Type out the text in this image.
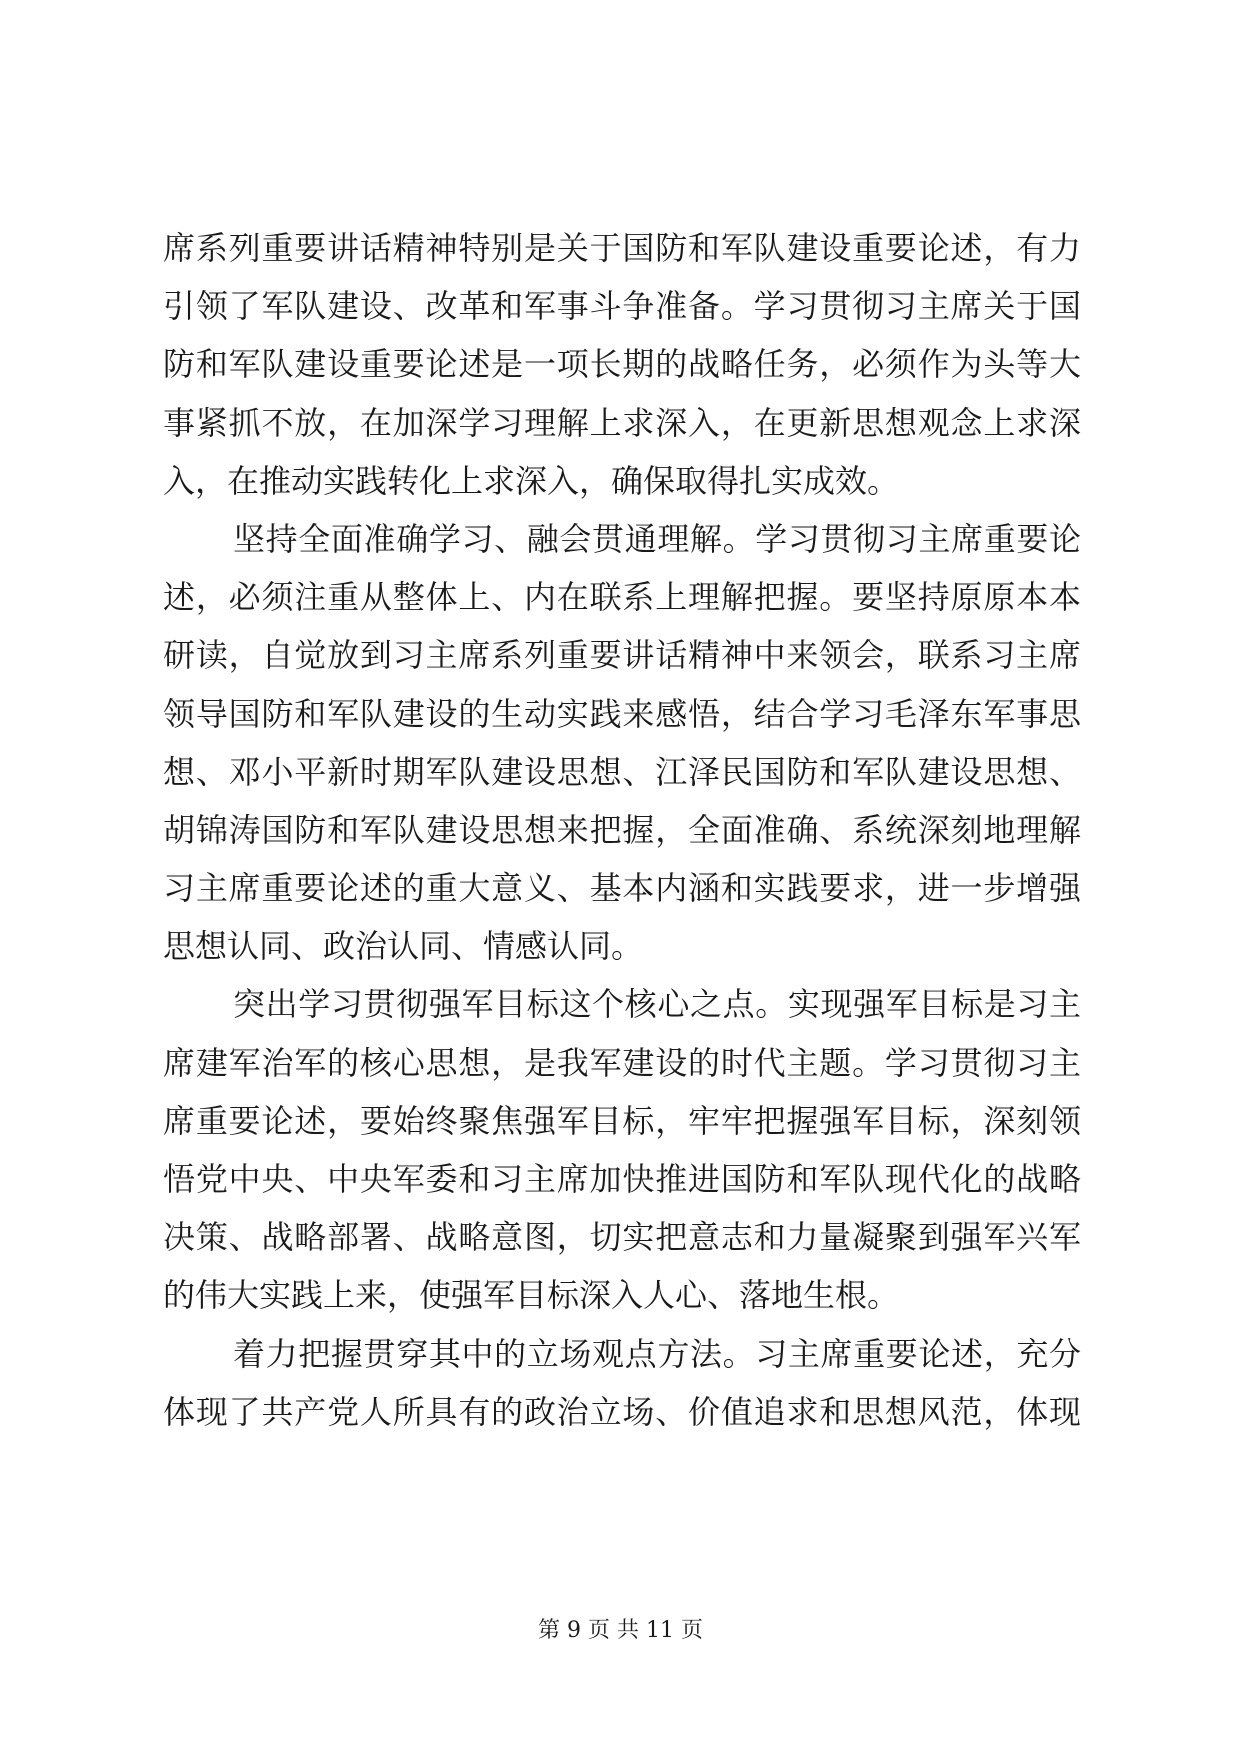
席系列重要讲话精神特别是关于国防和军队建设重要论述，有力
引领了军队建设、改革和军事斗争准备。学习贯彻习主席关于国
防和军队建设重要论述是一项长期的战略任务，必须作为头等大
事紧抓不放，在加深学习理解上求深入，在更新思想观念上求深
入，在推动实践转化上求深入，确保取得扎实成效。
坚持全面准确学习、融会贯通理解。学习贯彻习主席重要论
述，必须注重从整体上、内在联系上理解把握。要坚持原原本本
研读，自觉放到习主席系列重要讲话精神中来领会，联系习主席
领导国防和军队建设的生动实践来感悟，结合学习毛泽东军事思
想、邓小平新时期军队建设思想、江泽民国防和军队建设思想、
胡锦涛国防和军队建设思想来把握，全面准确、系统深刻地理解
习主席重要论述的重大意义、基本内涵和实践要求，进一步增强
思想认同、政治认同、情感认同。
突出学习贯彻强军目标这个核心之点。实现强军目标是习主
席建军治军的核心思想，是我军建设的时代主题。学习贯彻习主
席重要论述，要始终聚焦强军目标，牢牢把握强军目标，深刻领
悟党中央、中央军委和习主席加快推进国防和军队现代化的战略
决策、战略部署、战略意图，切实把意志和力量凝聚到强军兴军
的伟大实践上来，使强军目标深入人心、落地生根。
着力把握贯穿其中的立场观点方法。习主席重要论述，充分
体现了共产党人所具有的政治立场、价值追求和思想风范，体现
第 9 页 共 11 页
